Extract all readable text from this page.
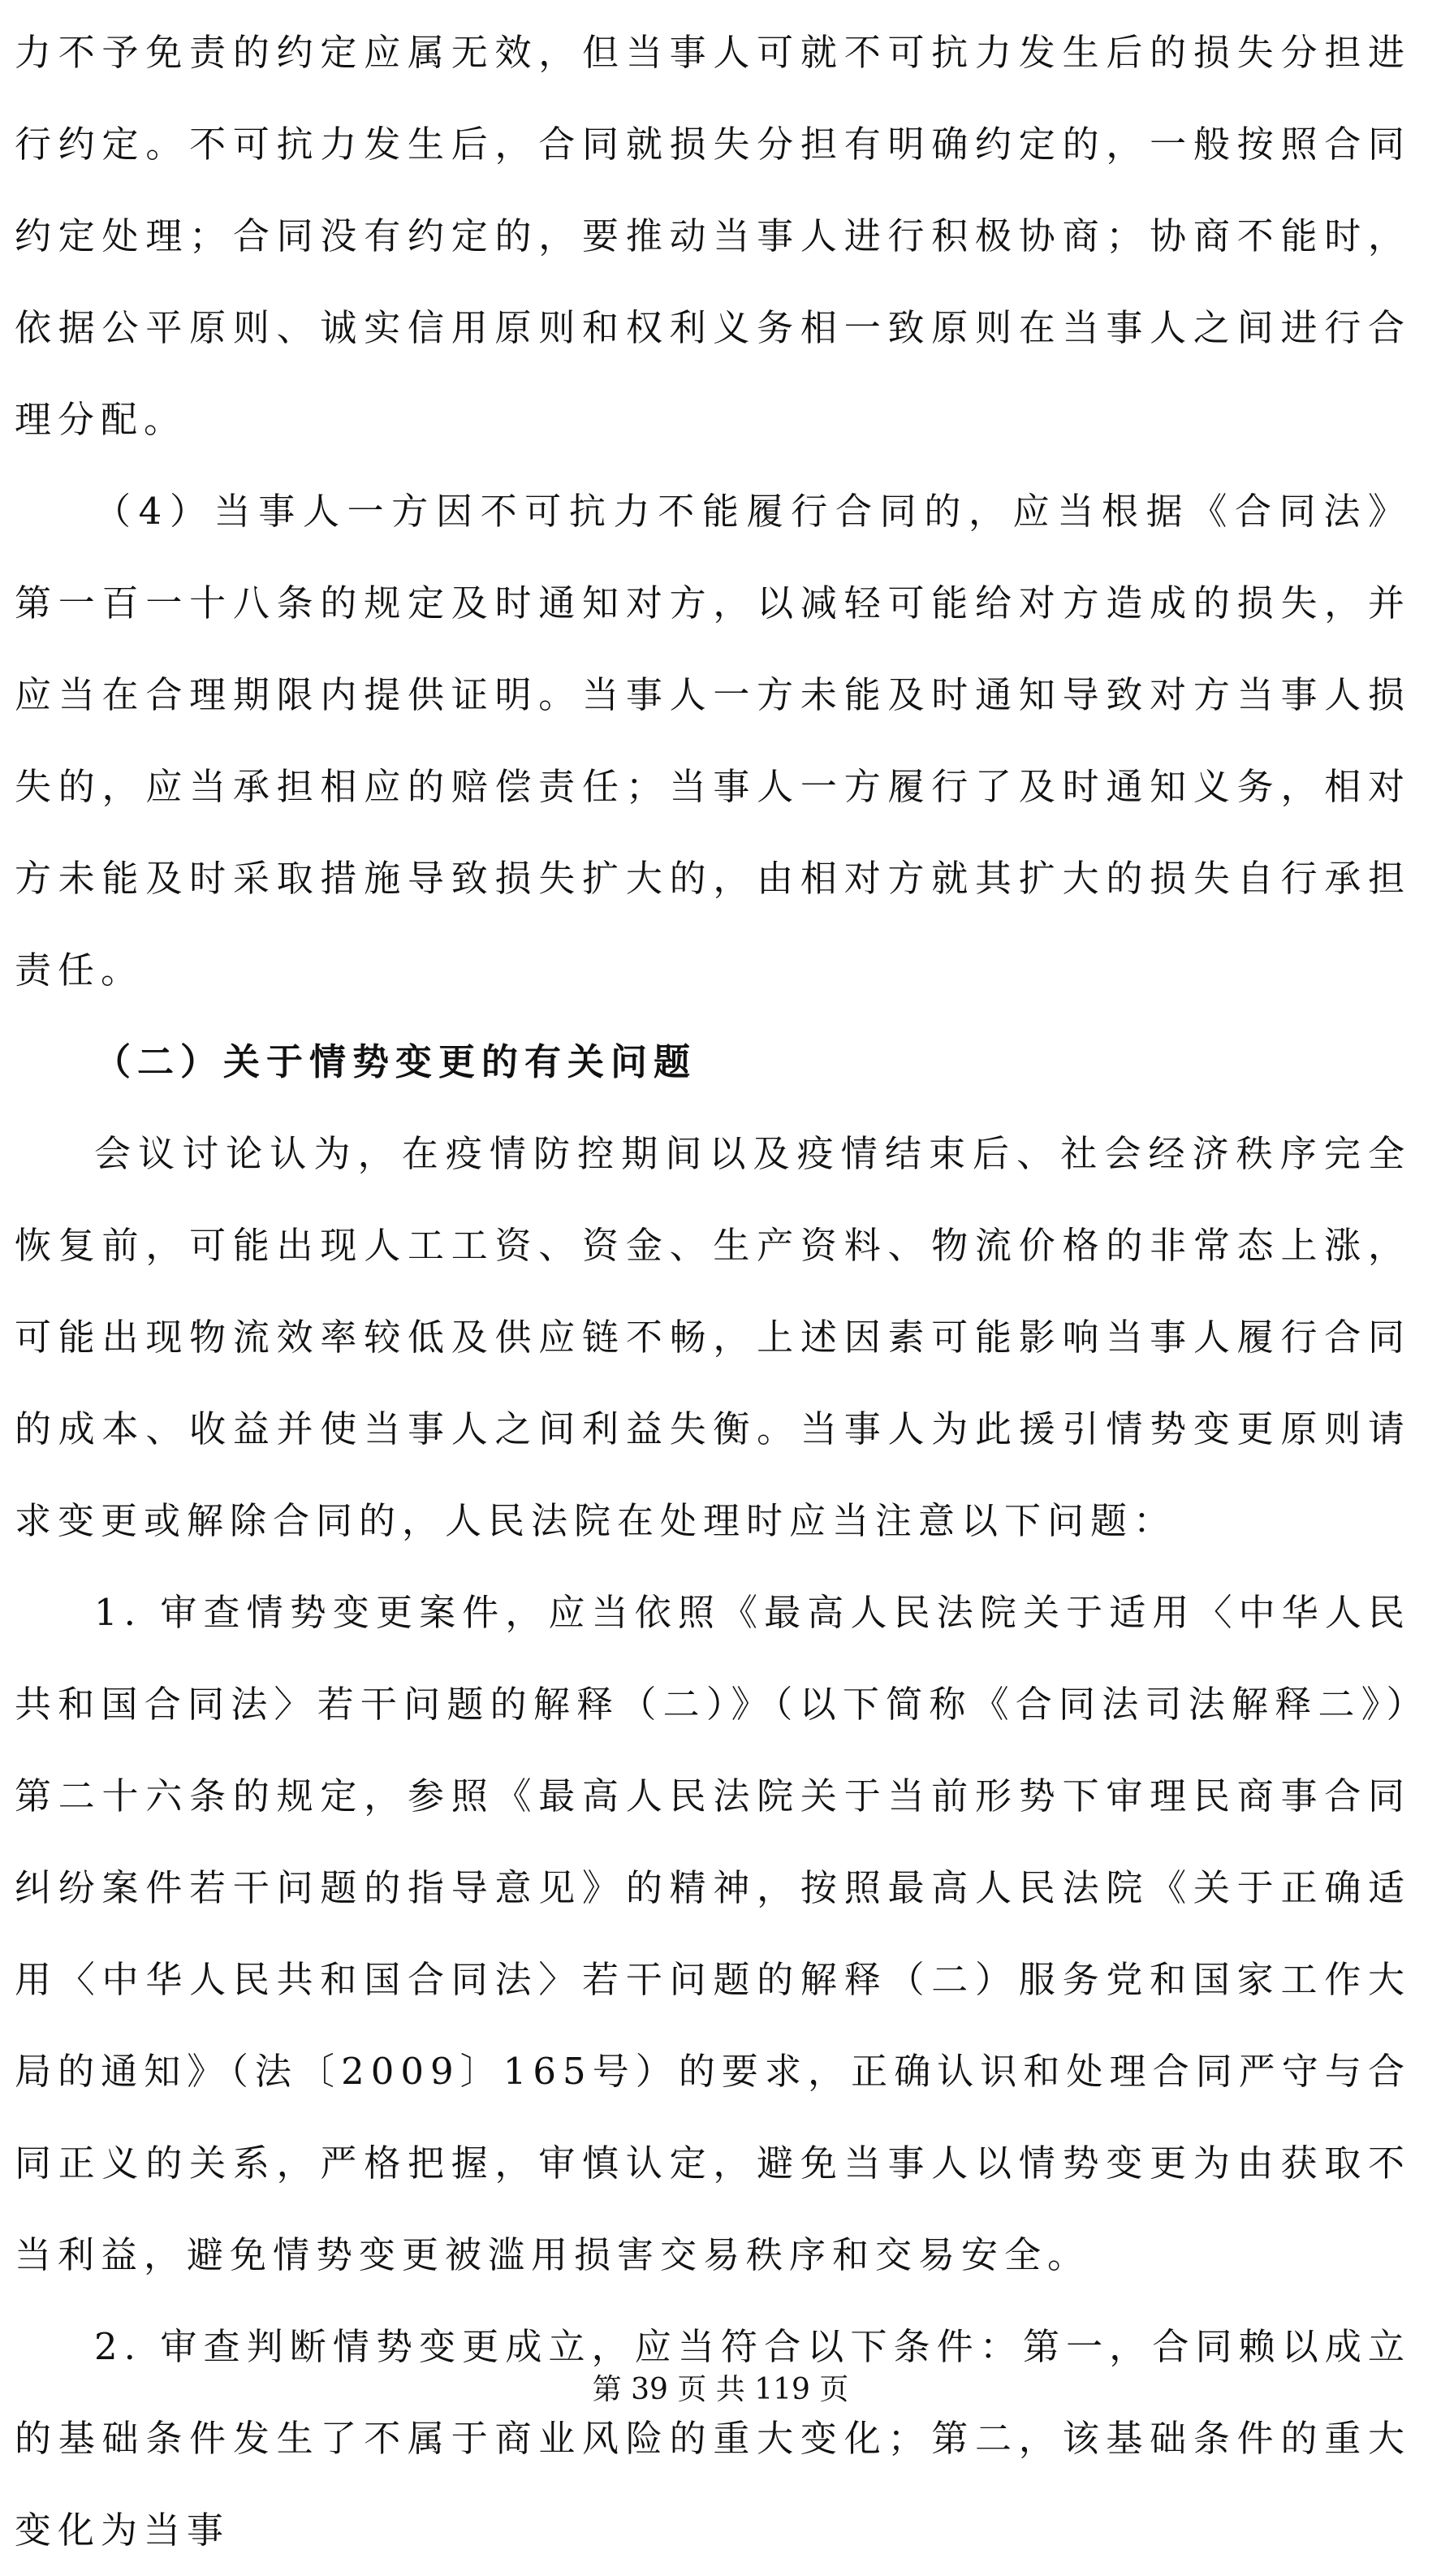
力不予免责的约定应属无效，但当事人可就不可抗力发生后的损失分担进行约定。不可抗力发生后，合同就损失分担有明确约定的，一般按照合同约定处理；合同没有约定的，要推动当事人进行积极协商；协商不能时，依据公平原则、诚实信用原则和权利义务相一致原则在当事人之间进行合理分配。

（4）当事人一方因不可抗力不能履行合同的，应当根据《合同法》第一百一十八条的规定及时通知对方，以减轻可能给对方造成的损失，并应当在合理期限内提供证明。当事人一方未能及时通知导致对方当事人损失的，应当承担相应的赔偿责任；当事人一方履行了及时通知义务，相对方未能及时采取措施导致损失扩大的，由相对方就其扩大的损失自行承担责任。

（二）关于情势变更的有关问题

会议讨论认为，在疫情防控期间以及疫情结束后、社会经济秩序完全恢复前，可能出现人工工资、资金、生产资料、物流价格的非常态上涨，可能出现物流效率较低及供应链不畅，上述因素可能影响当事人履行合同的成本、收益并使当事人之间利益失衡。当事人为此援引情势变更原则请求变更或解除合同的，人民法院在处理时应当注意以下问题：

1. 审查情势变更案件，应当依照《最高人民法院关于适用〈中华人民共和国合同法〉若干问题的解释（二）》（以下简称《合同法司法解释二》）第二十六条的规定，参照《最高人民法院关于当前形势下审理民商事合同纠纷案件若干问题的指导意见》的精神，按照最高人民法院《关于正确适用〈中华人民共和国合同法〉若干问题的解释（二）服务党和国家工作大局的通知》（法〔2009〕165号）的要求，正确认识和处理合同严守与合同正义的关系，严格把握，审慎认定，避免当事人以情势变更为由获取不当利益，避免情势变更被滥用损害交易秩序和交易安全。

2. 审查判断情势变更成立，应当符合以下条件：第一，合同赖以成立的基础条件发生了不属于商业风险的重大变化；第二，该基础条件的重大变化为当事

第 39 页 共 119 页
